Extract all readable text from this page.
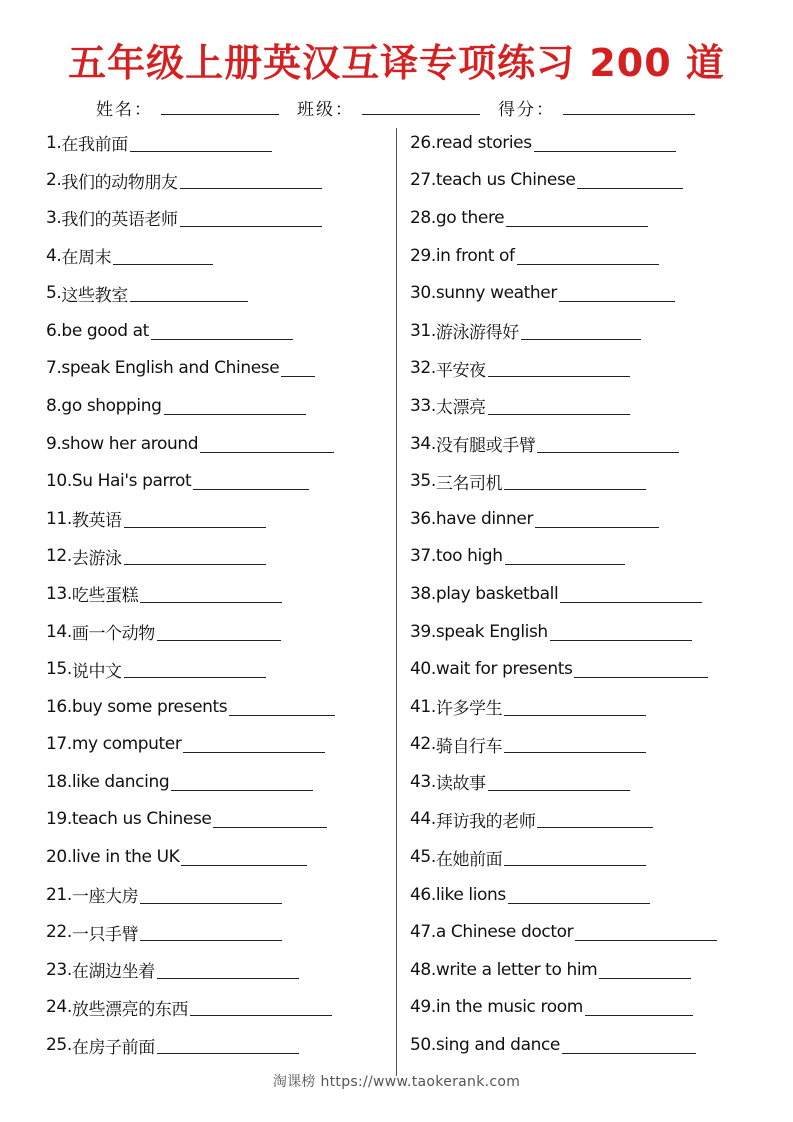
五年级上册英汉互译专项练习 200 道
姓名：	班级：	得分：
1. 在我前面
2. 我们的动物朋友
3. 我们的英语老师
4. 在周末
5. 这些教室
6. be good at
7. speak English and Chinese
8. go shopping
9. show her around
10. Su Hai's parrot
11. 教英语
12. 去游泳
13. 吃些蛋糕
14. 画一个动物
15. 说中文
16. buy some presents
17. my computer
18. like dancing
19. teach us Chinese
20. live in the UK
21. 一座大房
22. 一只手臂
23. 在湖边坐着
24. 放些漂亮的东西
25. 在房子前面
26. read stories
27. teach us Chinese
28. go there
29. in front of
30. sunny weather
31. 游泳游得好
32. 平安夜
33. 太漂亮
34. 没有腿或手臂
35. 三名司机
36. have dinner
37. too high
38. play basketball
39. speak English
40. wait for presents
41. 许多学生
42. 骑自行车
43. 读故事
44. 拜访我的老师
45. 在她前面
46. like lions
47. a Chinese doctor
48. write a letter to him
49. in the music room
50. sing and dance
淘课榜 https://www.taokerank.com
